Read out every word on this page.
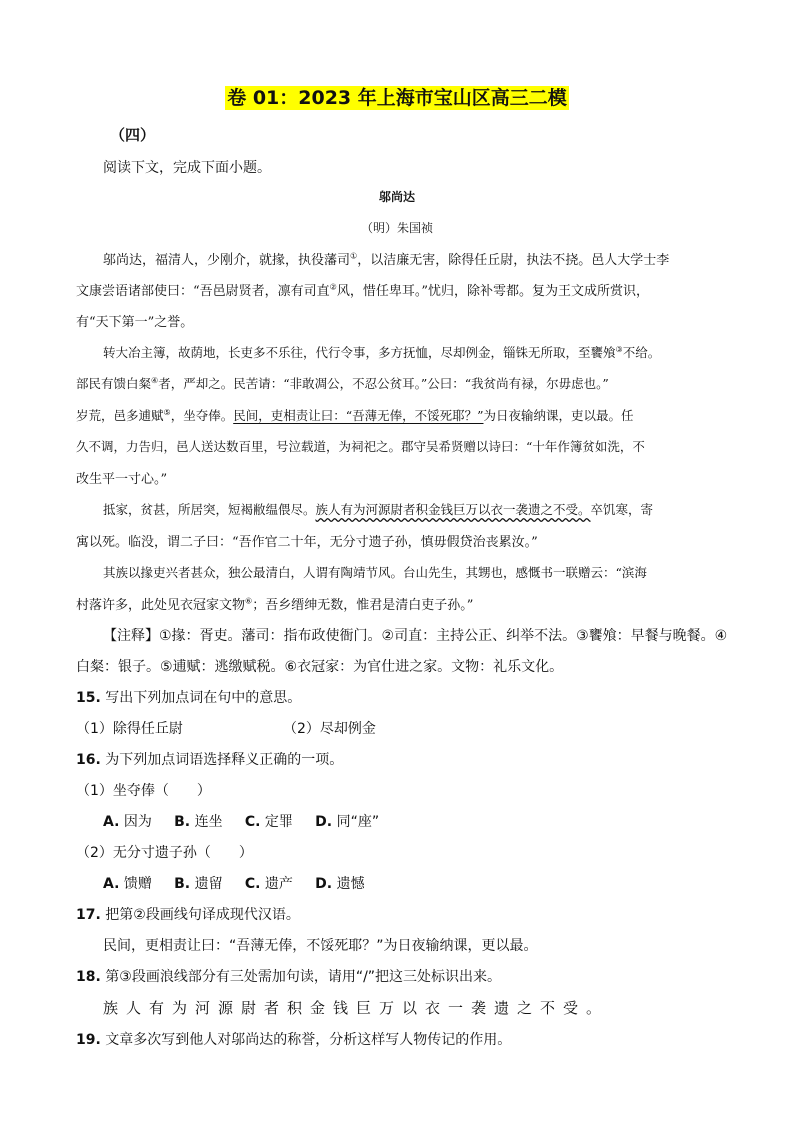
卷 01：2023 年上海市宝山区高三二模
（四）
阅读下文，完成下面小题。
邬尚达
（明）朱国祯
邬尚达，福清人，少刚介，就掾，执役藩司①，以洁廉无害，除得任丘尉，执法不挠。邑人大学士李
文康尝语诸部使曰：“吾邑尉贤者，凛有司直②风，惜任卑耳。”忧归，除补雩都。复为王文成所赏识，
有“天下第一”之誉。
转大冶主簿，故荫地，长吏多不乐往，代行令事，多方抚恤，尽却例金，锱铢无所取，至饔飧③不给。
部民有馈白粲④者，严却之。民苦请：“非敢凋公，不忍公贫耳。”公曰：“我贫尚有禄，尔毋虑也。”
岁荒，邑多逋赋⑤，坐夺俸。民间，吏相责让曰：“吾薄无俸，不馁死耶？”为日夜输纳课，吏以最。任
久不调，力告归，邑人送达数百里，号泣载道，为祠祀之。郡守吴希贤赠以诗曰：“十年作簿贫如洗，不
改生平一寸心。”
抵家，贫甚，所居突，短褐敝缊偎尽。族人有为河源尉者积金钱巨万以衣一袭遗之不受。卒饥寒，寄
寓以死。临没，谓二子曰：“吾作官二十年，无分寸遗子孙，慎毋假贷治丧累汝。”
其族以掾吏兴者甚众，独公最清白，人谓有陶靖节风。台山先生，其甥也，感慨书一联赠云：“滨海
村落许多，此处见衣冠家文物⑥；吾乡缙绅无数，惟君是清白吏子孙。”
【注释】①掾：胥吏。藩司：指布政使衙门。②司直：主持公正、纠举不法。③饔飧：早餐与晚餐。④
白粲：银子。⑤逋赋：逃缴赋税。⑥衣冠家：为官仕进之家。文物：礼乐文化。
15. 写出下列加点词在句中的意思。
（1）除得任丘尉	（2）尽却例金
16. 为下列加点词语选择释义正确的一项。
（1）坐夺俸（　　）
A. 因为 B. 连坐 C. 定罪 D. 同“座”
（2）无分寸遗子孙（　　）
A. 馈赠 B. 遗留 C. 遗产 D. 遗憾
17. 把第②段画线句译成现代汉语。
民间，更相责让曰：“吾薄无俸，不馁死耶？”为日夜输纳课，更以最。
18. 第③段画浪线部分有三处需加句读，请用“/”把这三处标识出来。
族人有为河源尉者积金钱巨万以衣一袭遗之不受。
19. 文章多次写到他人对邬尚达的称誉，分析这样写人物传记的作用。
